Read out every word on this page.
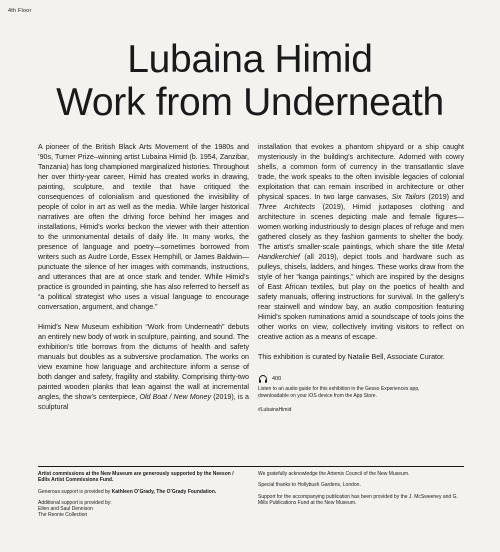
4th Floor
Lubaina Himid
Work from Underneath

A pioneer of the British Black Arts Movement of the 1980s and ’90s, Turner Prize–winning artist Lubaina Himid (b. 1954, Zanzibar, Tanzania) has long championed marginalized histories. Throughout her over thirty-year career, Himid has created works in drawing, painting, sculpture, and textile that have critiqued the consequences of colonialism and questioned the invisibility of people of color in art as well as the media. While larger historical narratives are often the driving force behind her images and installations, Himid’s works beckon the viewer with their attention to the unmonumental details of daily life. In many works, the presence of language and poetry—sometimes borrowed from writers such as Audre Lorde, Essex Hemphill, or James Baldwin—punctuate the silence of her images with commands, instructions, and utterances that are at once stark and tender. While Himid’s practice is grounded in painting, she has also referred to herself as “a political strategist who uses a visual language to encourage conversation, argument, and change.”

Himid’s New Museum exhibition “Work from Underneath” debuts an entirely new body of work in sculpture, painting, and sound. The exhibition’s title borrows from the dictums of health and safety manuals but doubles as a subversive proclamation. The works on view examine how language and architecture inform a sense of both danger and safety, fragility and stability. Comprising thirty-two painted wooden planks that lean against the wall at incremental angles, the show’s centerpiece, Old Boat / New Money (2019), is a sculptural

installation that evokes a phantom shipyard or a ship caught mysteriously in the building’s architecture. Adorned with cowry shells, a common form of currency in the transatlantic slave trade, the work speaks to the often invisible legacies of colonial exploitation that can remain inscribed in architecture or other physical spaces. In two large canvases, Six Tailors (2019) and Three Architects (2019), Himid juxtaposes clothing and architecture in scenes depicting male and female figures—women working industriously to design places of refuge and men gathered closely as they fashion garments to shelter the body. The artist’s smaller-scale paintings, which share the title Metal Handkerchief (all 2019), depict tools and hardware such as pulleys, chisels, ladders, and hinges. These works draw from the style of her “kanga paintings,” which are inspired by the designs of East African textiles, but play on the poetics of health and safety manuals, offering instructions for survival. In the gallery’s rear stairwell and window bay, an audio composition featuring Himid’s spoken ruminations amid a soundscape of tools joins the other works on view, collectively inviting visitors to reflect on creative action as a means of escape.

This exhibition is curated by Natalie Bell, Associate Curator.

400
Listen to an audio guide for this exhibition in the Gesso Experiences app,
downloadable on your iOS device from the App Store.
#LubainaHimid

Artist commissions at the New Museum are generously supported by the Neeson / Edlis Artist Commissions Fund.

Generous support is provided by Kathleen O’Grady, The O’Grady Foundation.

Additional support is provided by:
Ellen and Saul Dennison
The Rennie Collection

We gratefully acknowledge the Artemis Council of the New Museum.

Special thanks to Hollybush Gardens, London.

Support for the accompanying publication has been provided by the J. McSweeney and G. Mills Publications Fund at the New Museum.
